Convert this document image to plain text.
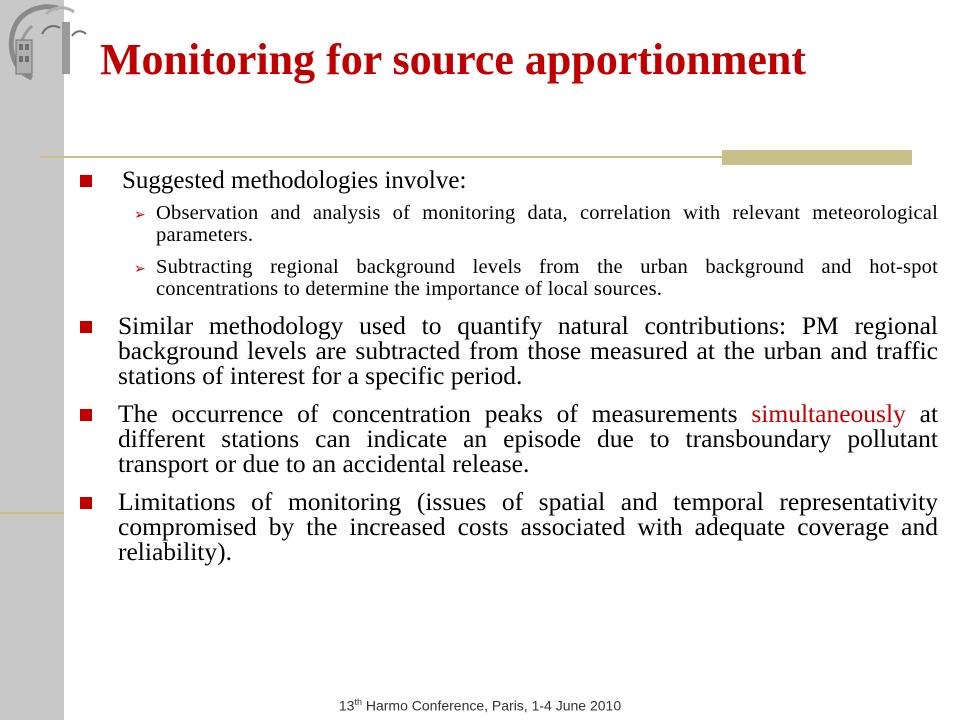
Monitoring for source apportionment
Suggested methodologies involve:
➢ Observation and analysis of monitoring data, correlation with relevant meteorological parameters.
➢ Subtracting regional background levels from the urban background and hot-spot concentrations to determine the importance of local sources.
Similar methodology used to quantify natural contributions: PM regional background levels are subtracted from those measured at the urban and traffic stations of interest for a specific period.
The occurrence of concentration peaks of measurements simultaneously at different stations can indicate an episode due to transboundary pollutant transport or due to an accidental release.
Limitations of monitoring (issues of spatial and temporal representativity compromised by the increased costs associated with adequate coverage and reliability).
13th Harmo Conference, Paris, 1-4 June 2010
